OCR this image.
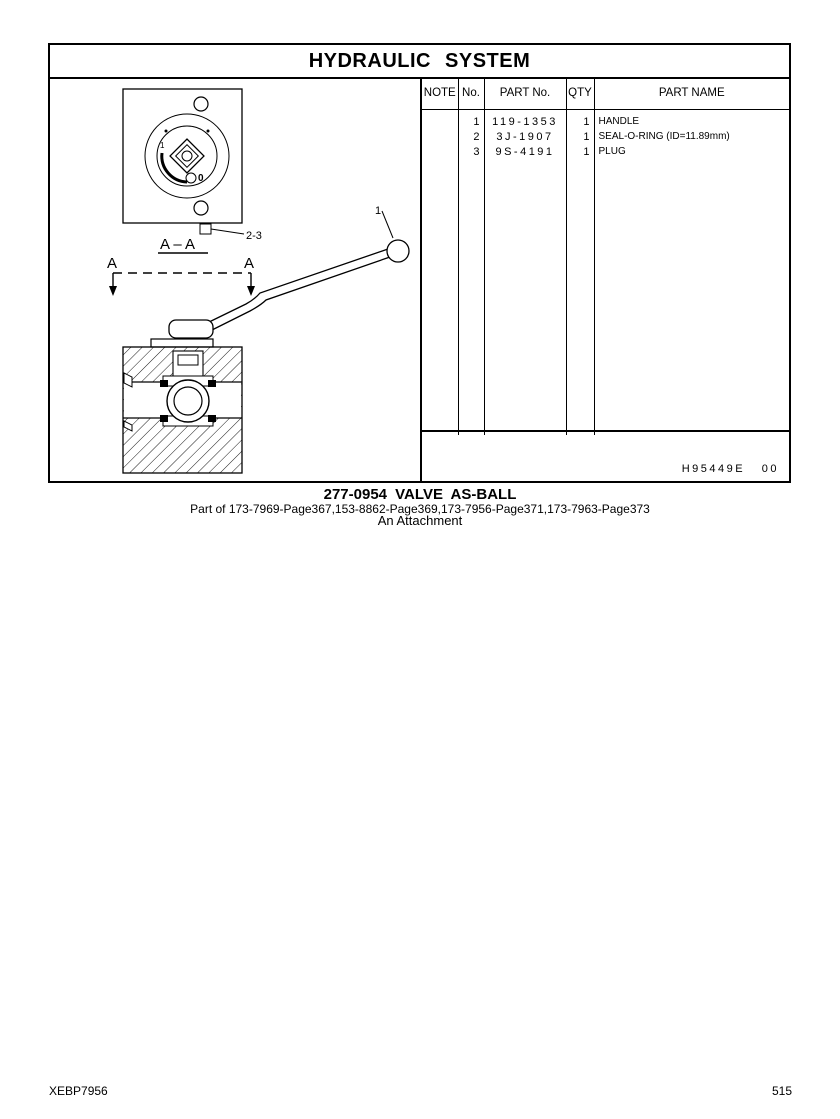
HYDRAULIC SYSTEM
0
1
2-3
A – A
A	A
1
NOTE	No.	PART No.	QTY	PART NAME
	1	119-1353	1	HANDLE
	2	3J-1907	1	SEAL-O-RING (ID=11.89mm)
	3	9S-4191	1	PLUG

H95449E   00
277-0954 VALVE AS-BALL
Part of 173-7969-Page367,153-8862-Page369,173-7956-Page371,173-7963-Page373
An Attachment
XEBP7956	515
